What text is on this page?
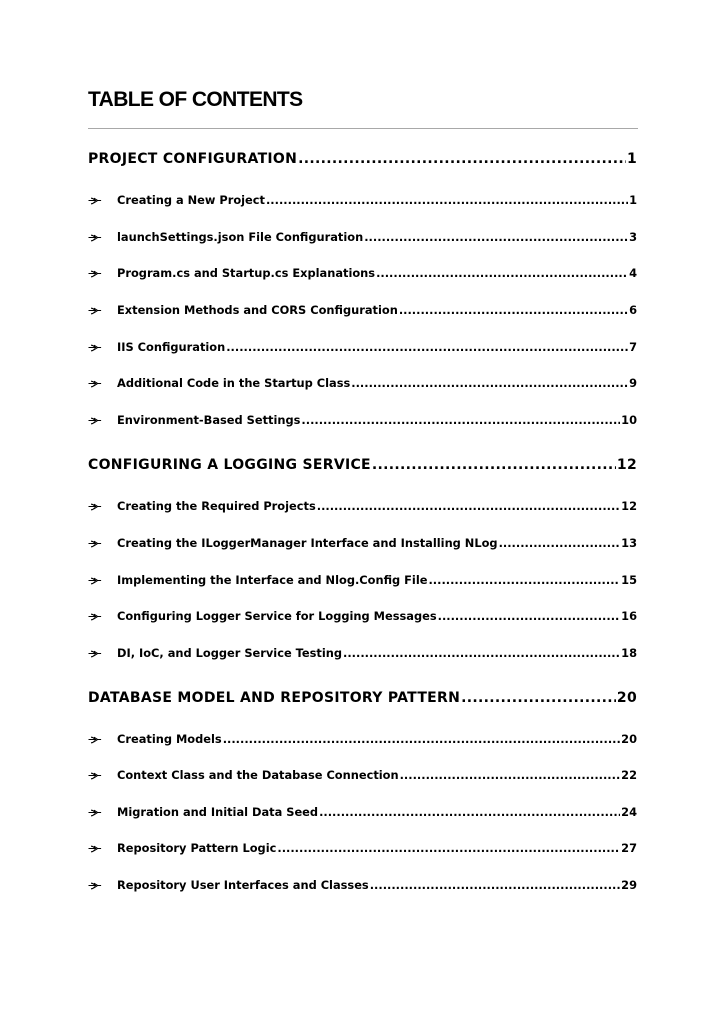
TABLE OF CONTENTS
PROJECT CONFIGURATION .....	1
Creating a New Project .....	1
launchSettings.json File Configuration .....	3
Program.cs and Startup.cs Explanations .....	4
Extension Methods and CORS Configuration .....	6
IIS Configuration .....	7
Additional Code in the Startup Class .....	9
Environment-Based Settings .....	10
CONFIGURING A LOGGING SERVICE .....	12
Creating the Required Projects .....	12
Creating the ILoggerManager Interface and Installing NLog .....	13
Implementing the Interface and Nlog.Config File .....	15
Configuring Logger Service for Logging Messages .....	16
DI, IoC, and Logger Service Testing .....	18
DATABASE MODEL AND REPOSITORY PATTERN .....	20
Creating Models .....	20
Context Class and the Database Connection .....	22
Migration and Initial Data Seed .....	24
Repository Pattern Logic .....	27
Repository User Interfaces and Classes .....	29
